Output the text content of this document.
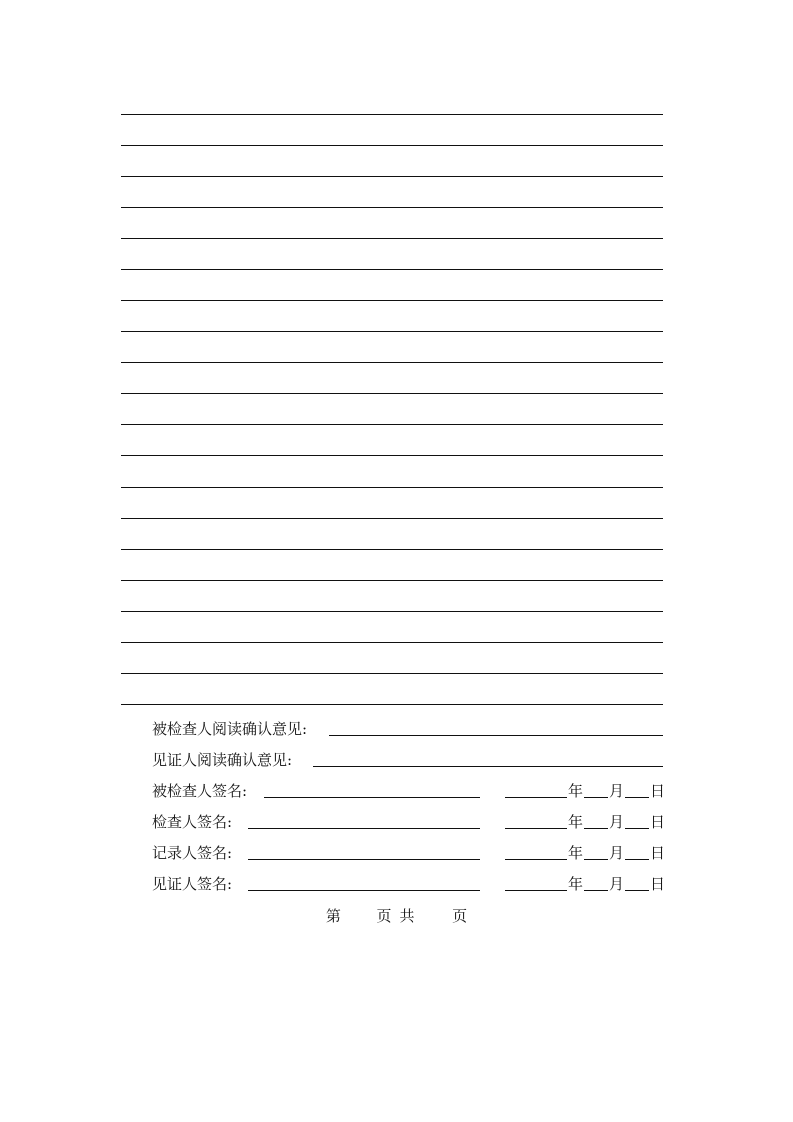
被检查人阅读确认意见:
见证人阅读确认意见:
被检查人签名:	年 月 日
检查人签名:	年 月 日
记录人签名:	年 月 日
见证人签名:	年 月 日
第 页共 页
